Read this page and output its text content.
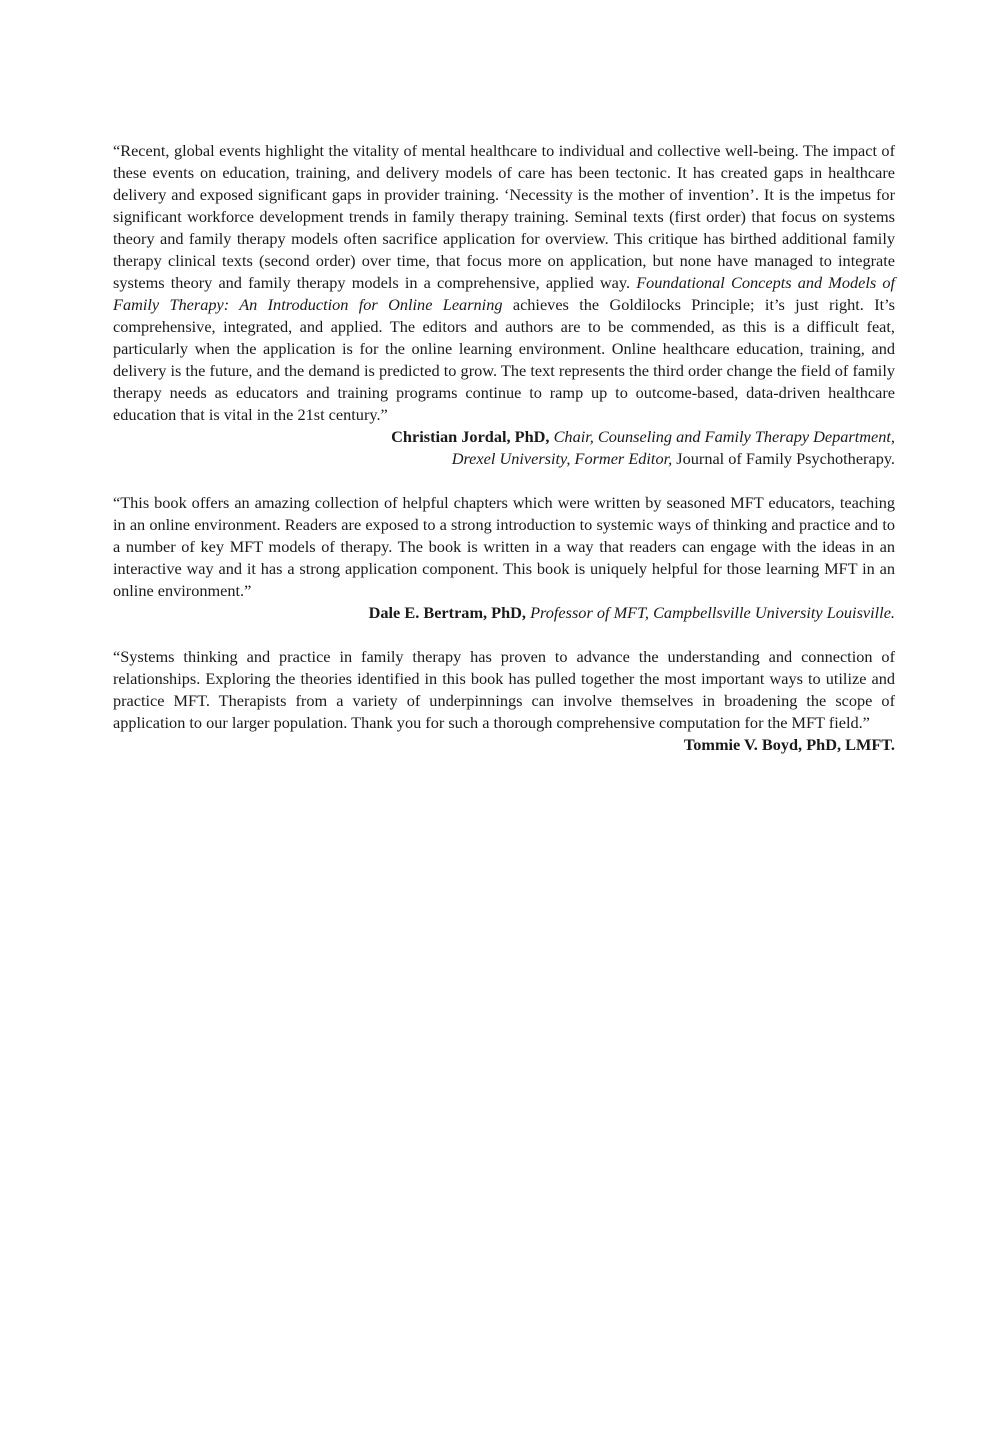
“Recent, global events highlight the vitality of mental healthcare to individual and collective well-being. The impact of these events on education, training, and delivery models of care has been tectonic. It has created gaps in healthcare delivery and exposed significant gaps in provider training. ‘Necessity is the mother of invention’. It is the impetus for significant workforce development trends in family therapy training. Seminal texts (first order) that focus on systems theory and family therapy models often sacrifice application for overview. This critique has birthed additional family therapy clinical texts (second order) over time, that focus more on application, but none have managed to integrate systems theory and family therapy models in a comprehensive, applied way. Foundational Concepts and Models of Family Therapy: An Introduction for Online Learning achieves the Goldilocks Principle; it’s just right. It’s comprehensive, integrated, and applied. The editors and authors are to be commended, as this is a difficult feat, particularly when the application is for the online learning environment. Online healthcare education, training, and delivery is the future, and the demand is predicted to grow. The text represents the third order change the field of family therapy needs as educators and training programs continue to ramp up to outcome-based, data-driven healthcare education that is vital in the 21st century.”

Christian Jordal, PhD, Chair, Counseling and Family Therapy Department,
Drexel University, Former Editor, Journal of Family Psychotherapy.

“This book offers an amazing collection of helpful chapters which were written by seasoned MFT educators, teaching in an online environment. Readers are exposed to a strong introduction to systemic ways of thinking and practice and to a number of key MFT models of therapy. The book is written in a way that readers can engage with the ideas in an interactive way and it has a strong application component. This book is uniquely helpful for those learning MFT in an online environment.”

Dale E. Bertram, PhD, Professor of MFT, Campbellsville University Louisville.

“Systems thinking and practice in family therapy has proven to advance the understanding and connection of relationships. Exploring the theories identified in this book has pulled together the most important ways to utilize and practice MFT. Therapists from a variety of underpinnings can involve themselves in broadening the scope of application to our larger population. Thank you for such a thorough comprehensive computation for the MFT field.”

Tommie V. Boyd, PhD, LMFT.
